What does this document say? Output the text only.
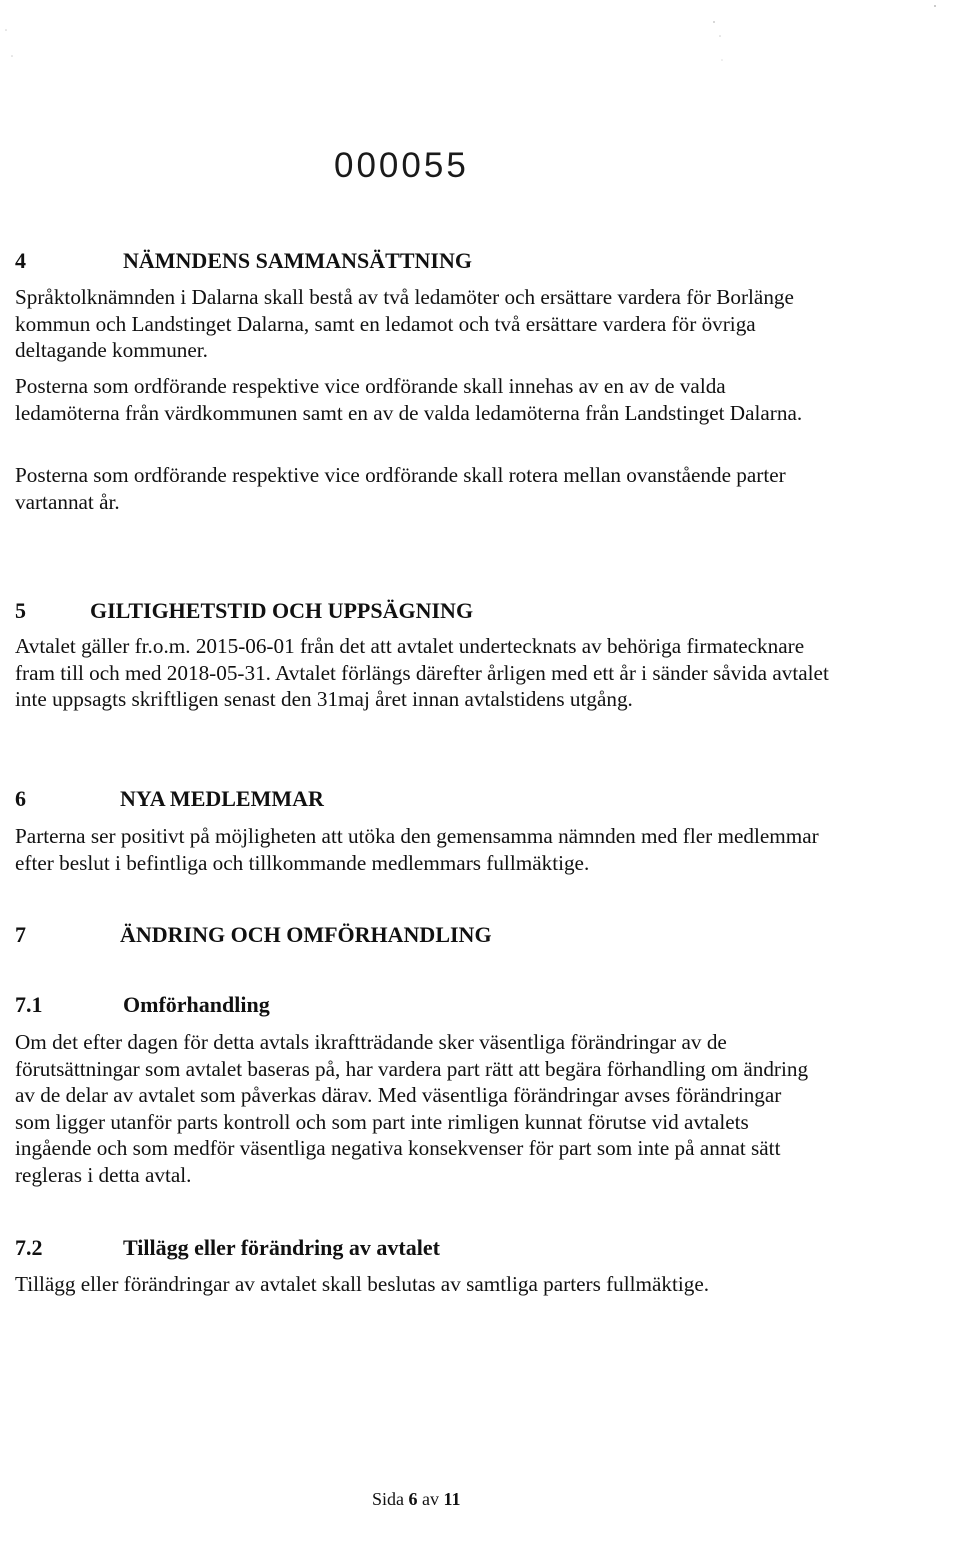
000055
4	NÄMNDENS SAMMANSÄTTNING

Språktolknämnden i Dalarna skall bestå av två ledamöter och ersättare vardera för Borlänge kommun och Landstinget Dalarna, samt en ledamot och två ersättare vardera för övriga deltagande kommuner.

Posterna som ordförande respektive vice ordförande skall innehas av en av de valda ledamöterna från värdkommunen samt en av de valda ledamöterna från Landstinget Dalarna.

Posterna som ordförande respektive vice ordförande skall rotera mellan ovanstående parter vartannat år.

5	GILTIGHETSTID OCH UPPSÄGNING

Avtalet gäller fr.o.m. 2015-06-01 från det att avtalet undertecknats av behöriga firmatecknare fram till och med 2018-05-31. Avtalet förlängs därefter årligen med ett år i sänder såvida avtalet inte uppsagts skriftligen senast den 31maj året innan avtalstidens utgång.

6	NYA MEDLEMMAR

Parterna ser positivt på möjligheten att utöka den gemensamma nämnden med fler medlemmar efter beslut i befintliga och tillkommande medlemmars fullmäktige.

7	ÄNDRING OCH OMFÖRHANDLING
7.1	Omförhandling

Om det efter dagen för detta avtals ikraftträdande sker väsentliga förändringar av de förutsättningar som avtalet baseras på, har vardera part rätt att begära förhandling om ändring av de delar av avtalet som påverkas därav. Med väsentliga förändringar avses förändringar som ligger utanför parts kontroll och som part inte rimligen kunnat förutse vid avtalets ingående och som medför väsentliga negativa konsekvenser för part som inte på annat sätt regleras i detta avtal.

7.2	Tillägg eller förändring av avtalet

Tillägg eller förändringar av avtalet skall beslutas av samtliga parters fullmäktige.

Sida 6 av 11
